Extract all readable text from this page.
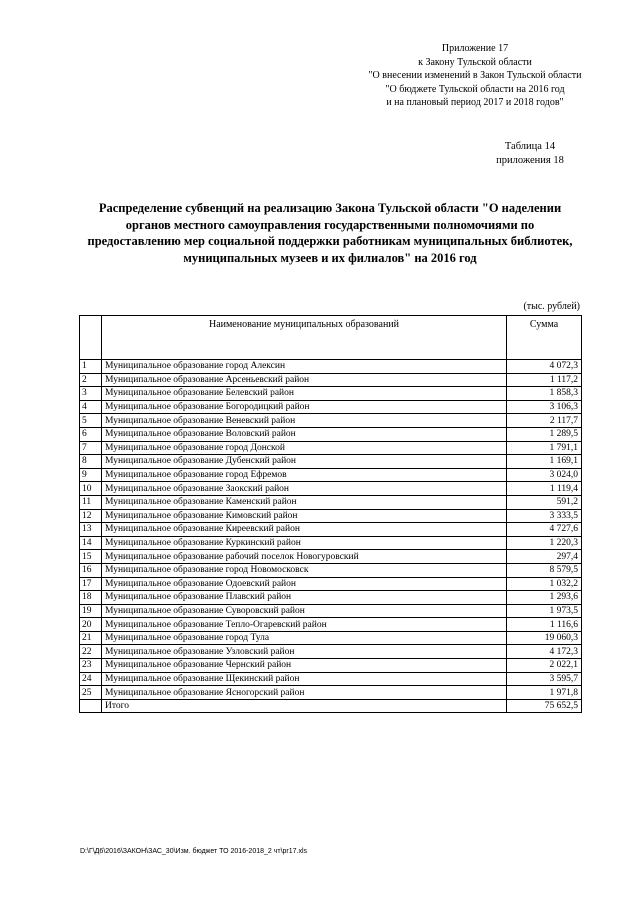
Приложение 17
к Закону Тульской области
"О внесении изменений в Закон Тульской области
"О бюджете Тульской области на 2016 год
и на плановый период 2017 и 2018 годов"
Таблица 14
приложения 18
Распределение субвенций на реализацию Закона Тульской области "О наделении органов местного самоуправления государственными полномочиями по предоставлению мер социальной поддержки работникам муниципальных библиотек, муниципальных музеев и их филиалов" на 2016 год
(тыс. рублей)
	Наименование муниципальных образований	Сумма
1	Муниципальное образование город Алексин	4 072,3
2	Муниципальное образование Арсеньевский район	1 117,2
3	Муниципальное образование Белевский район	1 858,3
4	Муниципальное образование Богородицкий район	3 106,3
5	Муниципальное образование Веневский район	2 117,7
6	Муниципальное образование Воловский район	1 289,5
7	Муниципальное образование город Донской	1 791,1
8	Муниципальное образование Дубенский район	1 169,1
9	Муниципальное образование город Ефремов	3 024,0
10	Муниципальное образование Заокский район	1 119,4
11	Муниципальное образование Каменский район	591,2
12	Муниципальное образование Кимовский район	3 333,5
13	Муниципальное образование Киреевский район	4 727,6
14	Муниципальное образование Куркинский район	1 220,3
15	Муниципальное образование рабочий поселок Новогуровский	297,4
16	Муниципальное образование город Новомосковск	8 579,5
17	Муниципальное образование Одоевский район	1 032,2
18	Муниципальное образование Плавский район	1 293,6
19	Муниципальное образование Суворовский район	1 973,5
20	Муниципальное образование Тепло-Огаревский район	1 116,6
21	Муниципальное образование город Тула	19 060,3
22	Муниципальное образование Узловский район	4 172,3
23	Муниципальное образование Чернский район	2 022,1
24	Муниципальное образование Щекинский район	3 595,7
25	Муниципальное образование Ясногорский район	1 971,8
	Итого	75 652,5
D:\Г\Д6\2016\ЗАКОН\ЗАС_30\Изм. бюджет ТО 2016-2018_2 чт\pr17.xls
